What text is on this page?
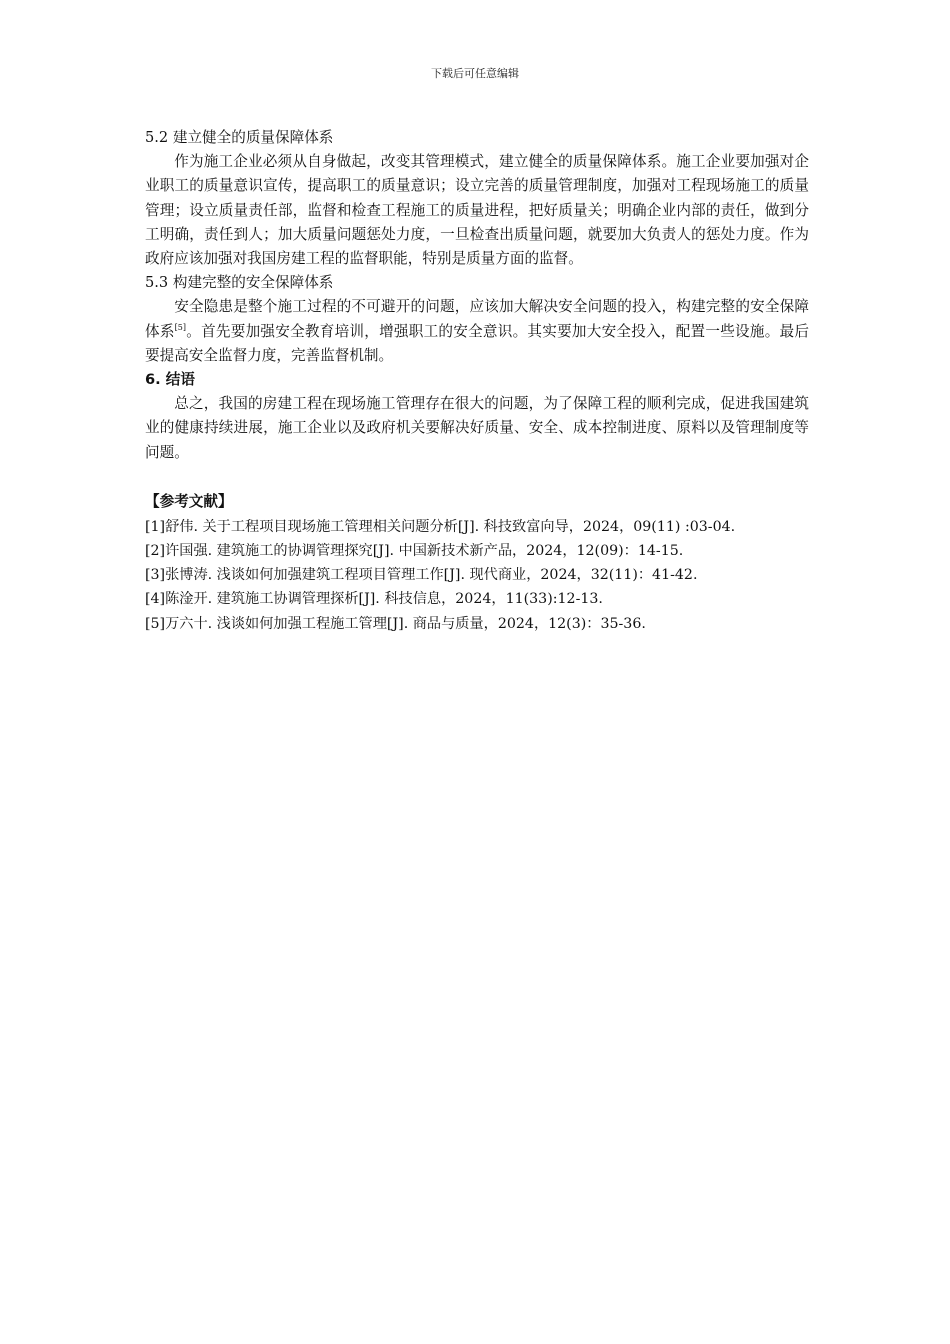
下载后可任意编辑

5.2 建立健全的质量保障体系

作为施工企业必须从自身做起，改变其管理模式，建立健全的质量保障体系。施工企业要加强对企业职工的质量意识宣传，提高职工的质量意识；设立完善的质量管理制度，加强对工程现场施工的质量管理；设立质量责任部，监督和检查工程施工的质量进程，把好质量关；明确企业内部的责任，做到分工明确，责任到人；加大质量问题惩处力度，一旦检查出质量问题，就要加大负责人的惩处力度。作为政府应该加强对我国房建工程的监督职能，特别是质量方面的监督。

5.3 构建完整的安全保障体系

安全隐患是整个施工过程的不可避开的问题，应该加大解决安全问题的投入，构建完整的安全保障体系[5]。首先要加强安全教育培训，增强职工的安全意识。其实要加大安全投入，配置一些设施。最后要提高安全监督力度，完善监督机制。

6. 结语

总之，我国的房建工程在现场施工管理存在很大的问题，为了保障工程的顺利完成，促进我国建筑业的健康持续进展，施工企业以及政府机关要解决好质量、安全、成本控制进度、原料以及管理制度等问题。

【参考文献】

[1]舒伟. 关于工程项目现场施工管理相关问题分析[J]. 科技致富向导，2024，09(11) :03-04.

[2]许国强. 建筑施工的协调管理探究[J]. 中国新技术新产品，2024，12(09)：14-15.

[3]张博涛. 浅谈如何加强建筑工程项目管理工作[J]. 现代商业，2024，32(11)：41-42.

[4]陈淦开. 建筑施工协调管理探析[J]. 科技信息，2024，11(33):12-13.

[5]万六十. 浅谈如何加强工程施工管理[J]. 商品与质量，2024，12(3)：35-36.
